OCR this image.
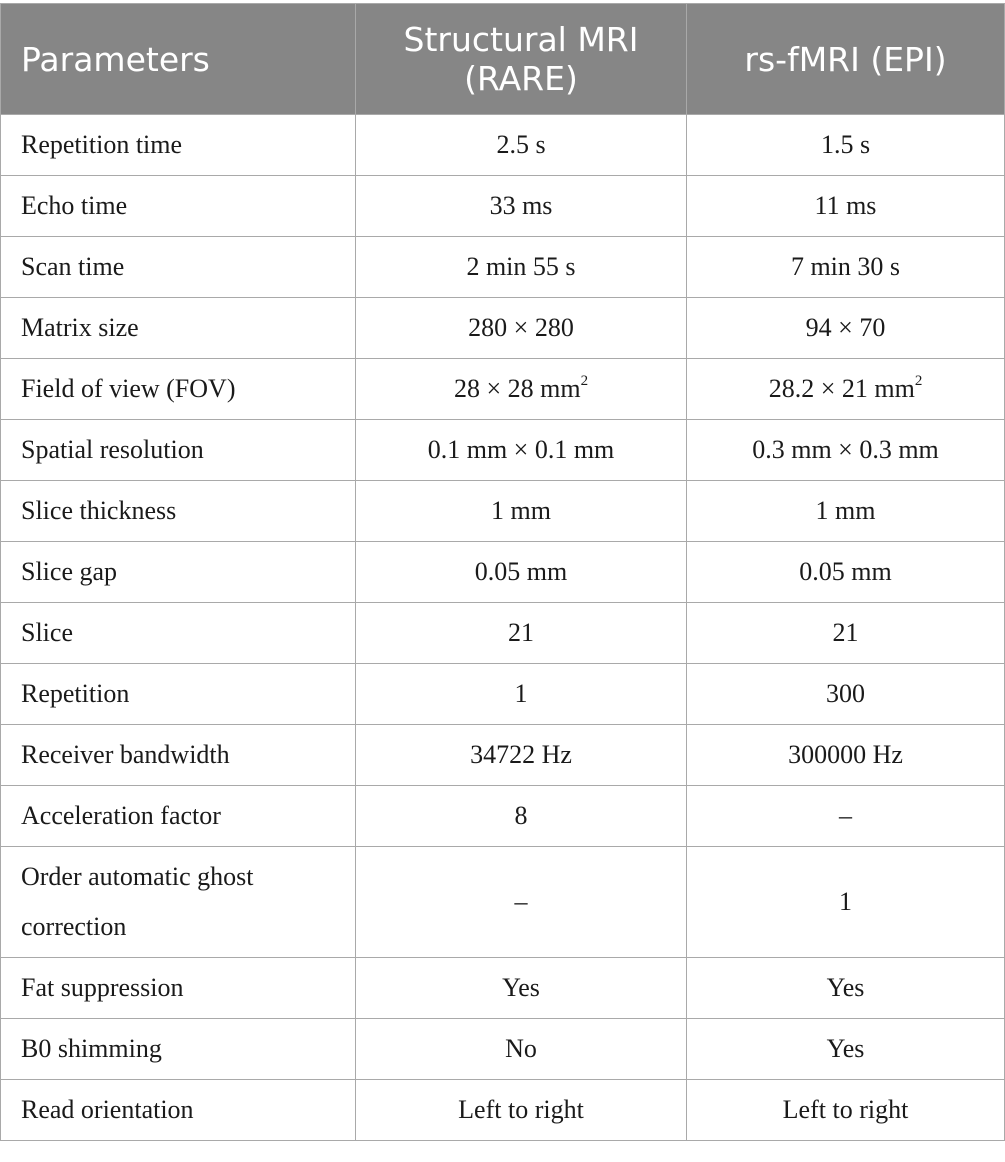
Parameters	Structural MRI (RARE)	rs-fMRI (EPI)
Repetition time	2.5 s	1.5 s
Echo time	33 ms	11 ms
Scan time	2 min 55 s	7 min 30 s
Matrix size	280 × 280	94 × 70
Field of view (FOV)	28 × 28 $mm^2$	28.2 × 21 $mm^2$
Spatial resolution	0.1 mm × 0.1 mm	0.3 mm × 0.3 mm
Slice thickness	1 mm	1 mm
Slice gap	0.05 mm	0.05 mm
Slice	21	21
Repetition	1	300
Receiver bandwidth	34722 Hz	300000 Hz
Acceleration factor	8	–
Order automatic ghost correction	–	1
Fat suppression	Yes	Yes
B0 shimming	No	Yes
Read orientation	Left to right	Left to right
